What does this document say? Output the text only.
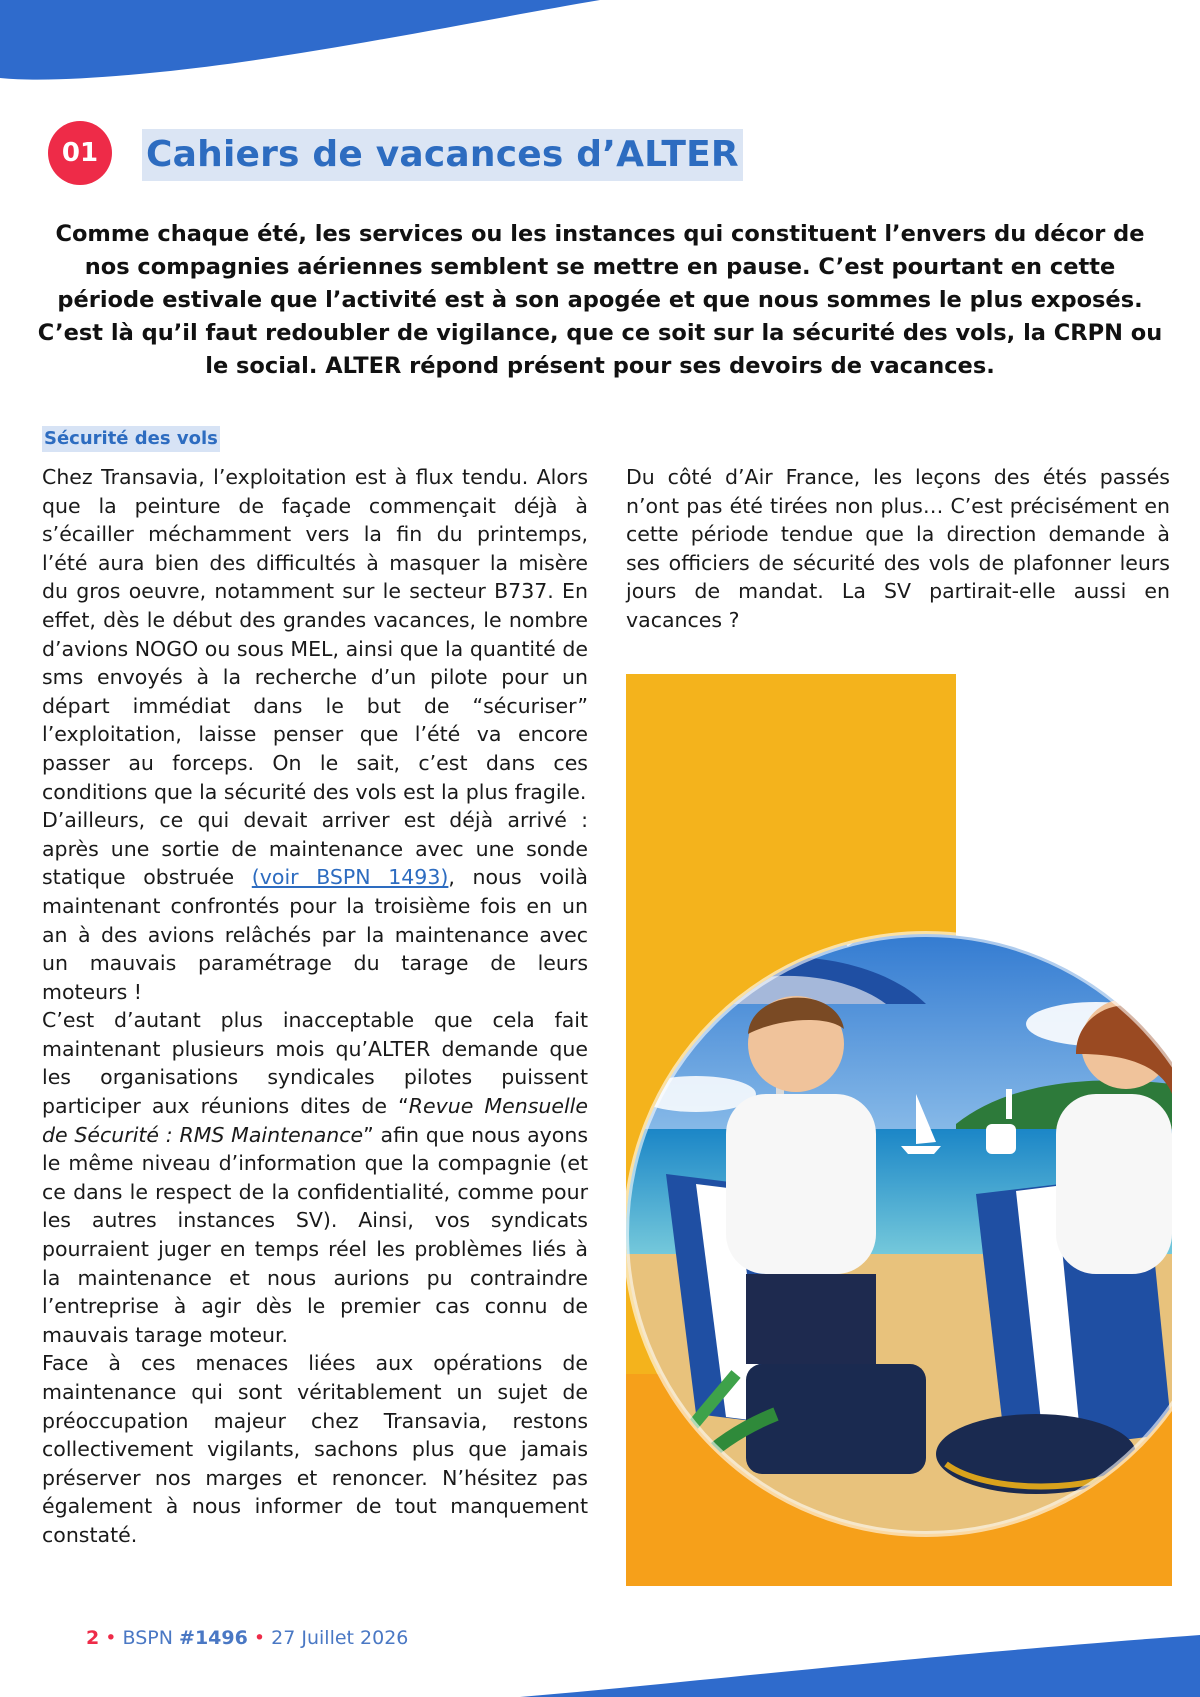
01	Cahiers de vacances d’ALTER
Comme chaque été, les services ou les instances qui constituent l’envers du décor de nos compagnies aériennes semblent se mettre en pause. C’est pourtant en cette période estivale que l’activité est à son apogée et que nous sommes le plus exposés. C’est là qu’il faut redoubler de vigilance, que ce soit sur la sécurité des vols, la CRPN ou le social. ALTER répond présent pour ses devoirs de vacances.
Sécurité des vols

Chez Transavia, l’exploitation est à flux tendu. Alors que la peinture de façade commençait déjà à s’écailler méchamment vers la fin du printemps, l’été aura bien des difficultés à masquer la misère du gros oeuvre, notamment sur le secteur B737. En effet, dès le début des grandes vacances, le nombre d’avions NOGO ou sous MEL, ainsi que la quantité de sms envoyés à la recherche d’un pilote pour un départ immédiat dans le but de “sécuriser” l’exploitation, laisse penser que l’été va encore passer au forceps. On le sait, c’est dans ces conditions que la sécurité des vols est la plus fragile.

D’ailleurs, ce qui devait arriver est déjà arrivé : après une sortie de maintenance avec une sonde statique obstruée (voir BSPN 1493), nous voilà maintenant confrontés pour la troisième fois en un an à des avions relâchés par la maintenance avec un mauvais paramétrage du tarage de leurs moteurs !

C’est d’autant plus inacceptable que cela fait maintenant plusieurs mois qu’ALTER demande que les organisations syndicales pilotes puissent participer aux réunions dites de “Revue Mensuelle de Sécurité : RMS Maintenance” afin que nous ayons le même niveau d’information que la compagnie (et ce dans le respect de la confidentialité, comme pour les autres instances SV). Ainsi, vos syndicats pourraient juger en temps réel les problèmes liés à la maintenance et nous aurions pu contraindre l’entreprise à agir dès le premier cas connu de mauvais tarage moteur.

Face à ces menaces liées aux opérations de maintenance qui sont véritablement un sujet de préoccupation majeur chez Transavia, restons collectivement vigilants, sachons plus que jamais préserver nos marges et renoncer. N’hésitez pas également à nous informer de tout manquement constaté.

Du côté d’Air France, les leçons des étés passés n’ont pas été tirées non plus… C’est précisément en cette période tendue que la direction demande à ses officiers de sécurité des vols de plafonner leurs jours de mandat. La SV partirait-elle aussi en vacances ?

2 • BSPN #1496 • 27 Juillet 2026
